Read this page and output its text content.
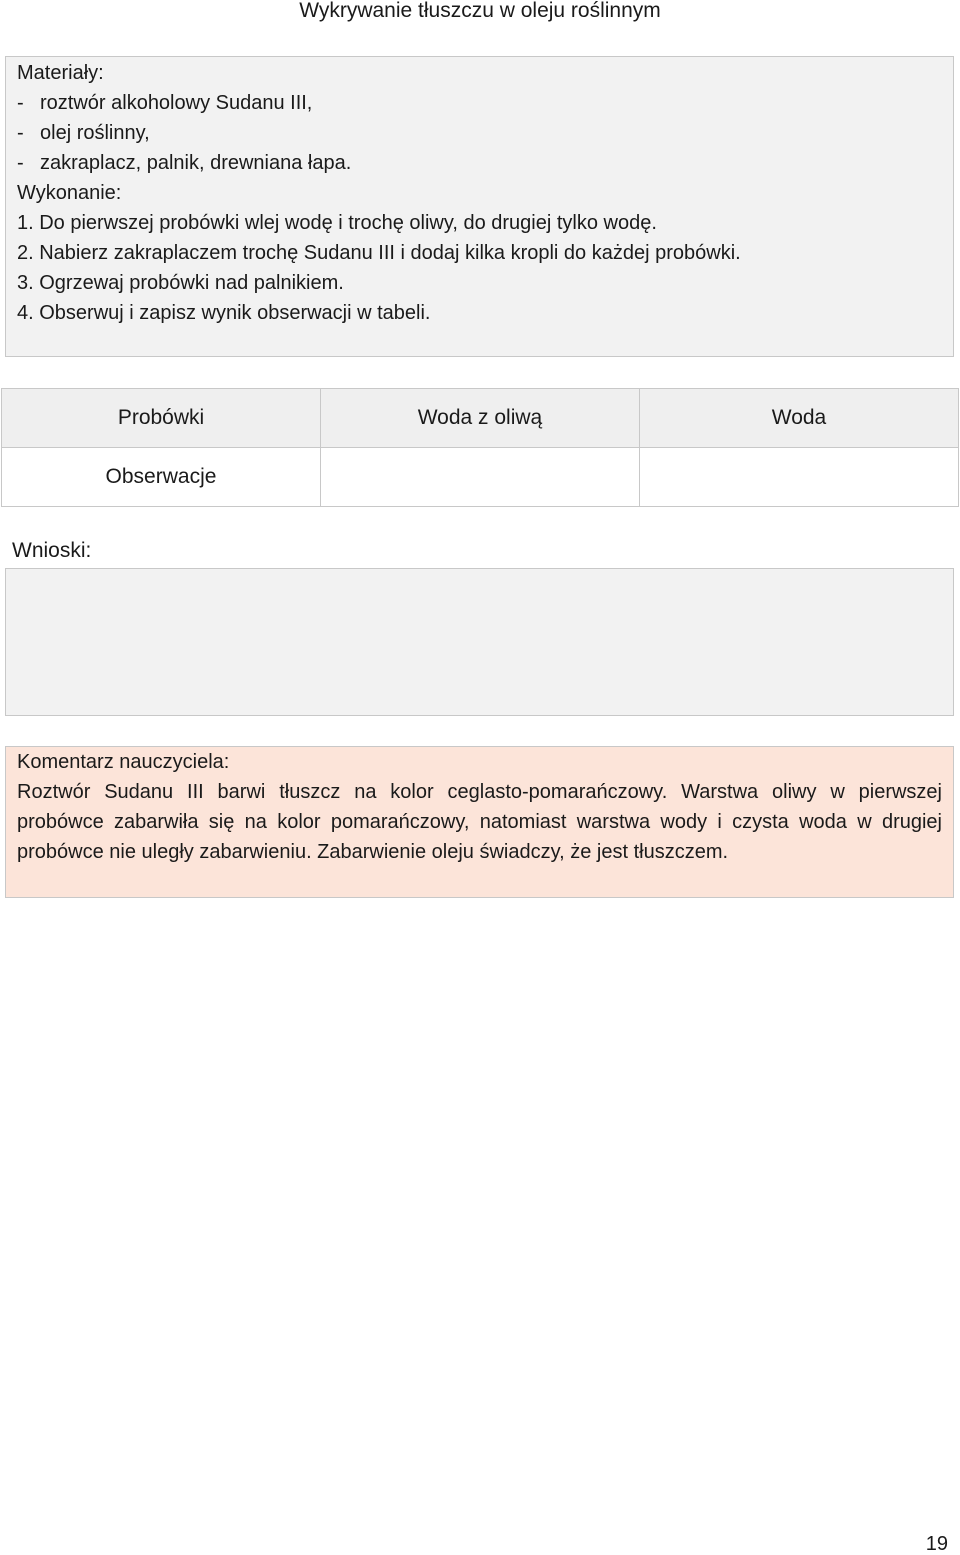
Wykrywanie tłuszczu w oleju roślinnym
Materiały:
- roztwór alkoholowy Sudanu III,
- olej roślinny,
- zakraplacz, palnik, drewniana łapa.
Wykonanie:
1. Do pierwszej probówki wlej wodę i trochę oliwy, do drugiej tylko wodę.
2. Nabierz zakraplaczem trochę Sudanu III i dodaj kilka kropli do każdej probówki.
3. Ogrzewaj probówki nad palnikiem.
4. Obserwuj i zapisz wynik obserwacji w tabeli.
Probówki	Woda z oliwą	Woda
Obserwacje		
Wnioski:
Komentarz nauczyciela:

Roztwór Sudanu III barwi tłuszcz na kolor ceglasto-pomarańczowy. Warstwa oliwy w pierwszej probówce zabarwiła się na kolor pomarańczowy, natomiast warstwa wody i czysta woda w drugiej probówce nie uległy zabarwieniu. Zabarwienie oleju świadczy, że jest tłuszczem.

19
